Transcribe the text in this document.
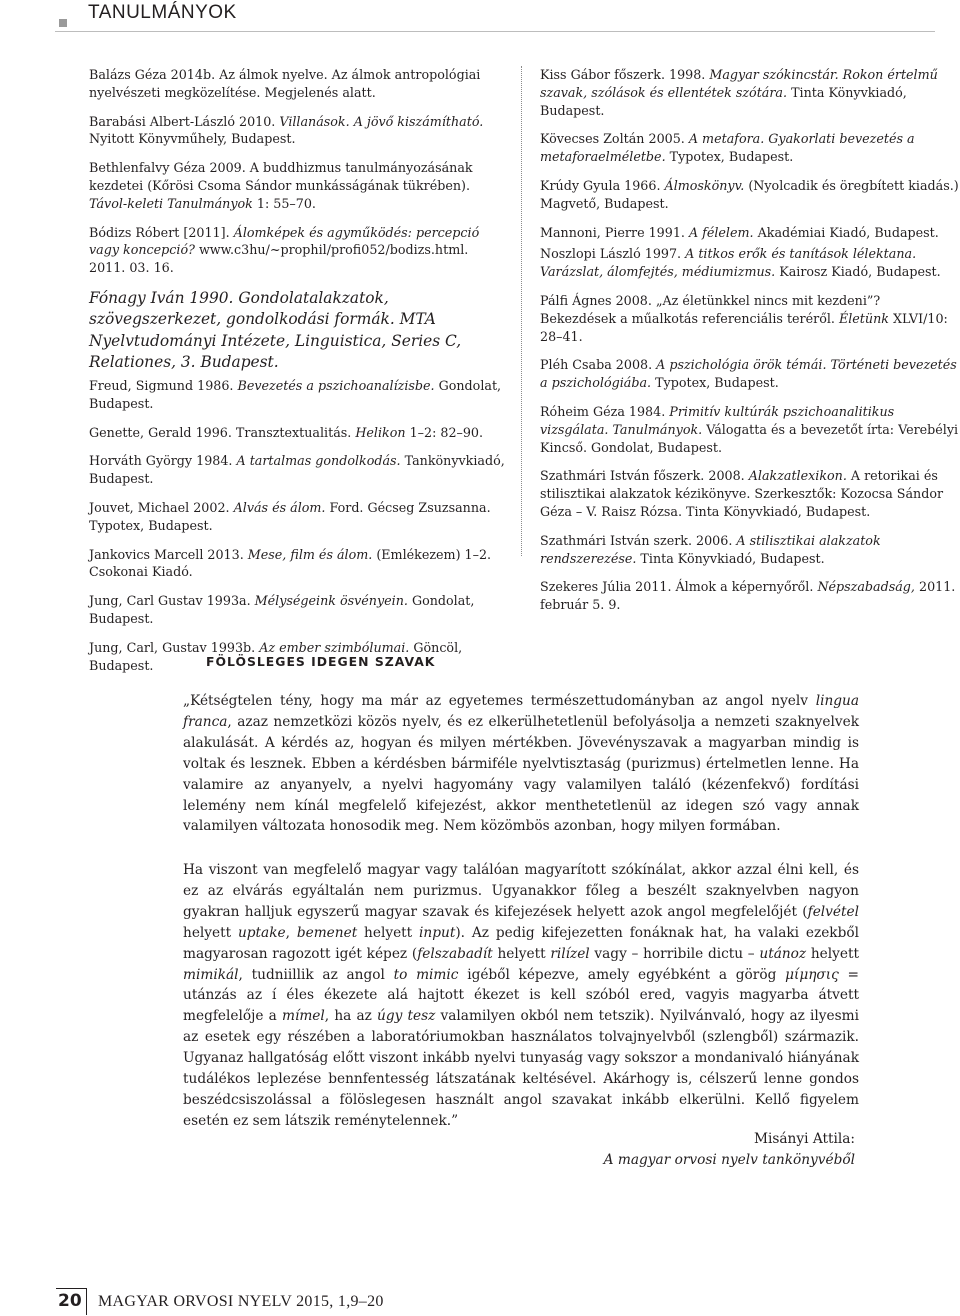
TANULMÁNYOK

Balázs Géza 2014b. Az álmok nyelve. Az álmok antropológiai nyelvészeti megközelítése. Megjelenés alatt.

Barabási Albert-László 2010. Villanások. A jövő kiszámítható. Nyitott Könyvműhely, Budapest.

Bethlenfalvy Géza 2009. A buddhizmus tanulmányozásának kezdetei (Kőrösi Csoma Sándor munkásságának tükrében). Távol-keleti Tanulmányok 1: 55–70.

Bódizs Róbert [2011]. Álomképek és agyműködés: percepció vagy koncepció? www.c3hu/~prophil/profi052/bodizs.html. 2011. 03. 16.

Fónagy Iván 1990. Gondolatalakzatok, szövegszerkezet, gondolkodási formák. MTA Nyelvtudományi Intézete, Linguistica, Series C, Relationes, 3. Budapest.

Freud, Sigmund 1986. Bevezetés a pszichoanalízisbe. Gondolat, Budapest.

Genette, Gerald 1996. Transztextualitás. Helikon 1–2: 82–90.

Horváth György 1984. A tartalmas gondolkodás. Tankönyvkiadó, Budapest.

Jouvet, Michael 2002. Alvás és álom. Ford. Gécseg Zsuzsanna. Typotex, Budapest.

Jankovics Marcell 2013. Mese, film és álom. (Emlékezem) 1–2. Csokonai Kiadó.

Jung, Carl Gustav 1993a. Mélységeink ösvényein. Gondolat, Budapest.

Jung, Carl, Gustav 1993b. Az ember szimbólumai. Göncöl, Budapest.

Kiss Gábor főszerk. 1998. Magyar szókincstár. Rokon értelmű szavak, szólások és ellentétek szótára. Tinta Könyvkiadó, Budapest.

Kövecses Zoltán 2005. A metafora. Gyakorlati bevezetés a metaforaelméletbe. Typotex, Budapest.

Krúdy Gyula 1966. Álmoskönyv. (Nyolcadik és öregbített kiadás.) Magvető, Budapest.

Mannoni, Pierre 1991. A félelem. Akadémiai Kiadó, Budapest.

Noszlopi László 1997. A titkos erők és tanítások lélektana. Varázslat, álomfejtés, médiumizmus. Kairosz Kiadó, Budapest.

Pálfi Ágnes 2008. „Az életünkkel nincs mit kezdeni”? Bekezdések a műalkotás referenciális teréről. Életünk XLVI/10: 28–41.

Pléh Csaba 2008. A pszichológia örök témái. Történeti bevezetés a pszichológiába. Typotex, Budapest.

Róheim Géza 1984. Primitív kultúrák pszichoanalitikus vizsgálata. Tanulmányok. Válogatta és a bevezetőt írta: Verebélyi Kincső. Gondolat, Budapest.

Szathmári István főszerk. 2008. Alakzatlexikon. A retorikai és stilisztikai alakzatok kézikönyve. Szerkesztők: Kozocsa Sándor Géza – V. Raisz Rózsa. Tinta Könyvkiadó, Budapest.

Szathmári István szerk. 2006. A stilisztikai alakzatok rendszerezése. Tinta Könyvkiadó, Budapest.

Szekeres Júlia 2011. Álmok a képernyőről. Népszabadság, 2011. február 5. 9.

FÖLÖSLEGES IDEGEN SZAVAK

„Kétségtelen tény, hogy ma már az egyetemes természettudományban az angol nyelv lingua franca, azaz nemzetközi közös nyelv, és ez elkerülhetetlenül befolyásolja a nemzeti szaknyelvek alakulását. A kérdés az, hogyan és milyen mértékben. Jövevényszavak a magyarban mindig is voltak és lesznek. Ebben a kérdésben bármiféle nyelvtisztaság (purizmus) értelmetlen lenne. Ha valamire az anyanyelv, a nyelvi hagyomány vagy valamilyen találó (kézenfekvő) fordítási lelemény nem kínál megfelelő kifejezést, akkor menthetetlenül az idegen szó vagy annak valamilyen változata honosodik meg. Nem közömbös azonban, hogy milyen formában.

Ha viszont van megfelelő magyar vagy találóan magyarított szókínálat, akkor azzal élni kell, és ez az elvárás egyáltalán nem purizmus. Ugyanakkor főleg a beszélt szaknyelvben nagyon gyakran halljuk egyszerű magyar szavak és kifejezések helyett azok angol megfelelőjét (felvétel helyett uptake, bemenet helyett input). Az pedig kifejezetten fonáknak hat, ha valaki ezekből magyarosan ragozott igét képez (felszabadít helyett rilízel vagy – horribile dictu – utánoz helyett mimikál, tudniillik az angol to mimic igéből képezve, amely egyébként a görög μίμησις = utánzás az í éles ékezete alá hajtott ékezet is kell szóból ered, vagyis magyarba átvett megfelelője a mímel, ha az úgy tesz valamilyen okból nem tetszik). Nyilvánvaló, hogy az ilyesmi az esetek egy részében a laboratóriumokban használatos tolvajnyelvből (szlengből) származik. Ugyanaz hallgatóság előtt viszont inkább nyelvi tunyaság vagy sokszor a mondanivaló hiányának tudálékos leplezése bennfentesség látszatának keltésével. Akárhogy is, célszerű lenne gondos beszédcsiszolással a fölöslegesen használt angol szavakat inkább elkerülni. Kellő figyelem esetén ez sem látszik reménytelennek.”

Misányi Attila:
A magyar orvosi nyelv tankönyvéből
20	MAGYAR ORVOSI NYELV 2015, 1,9–20
